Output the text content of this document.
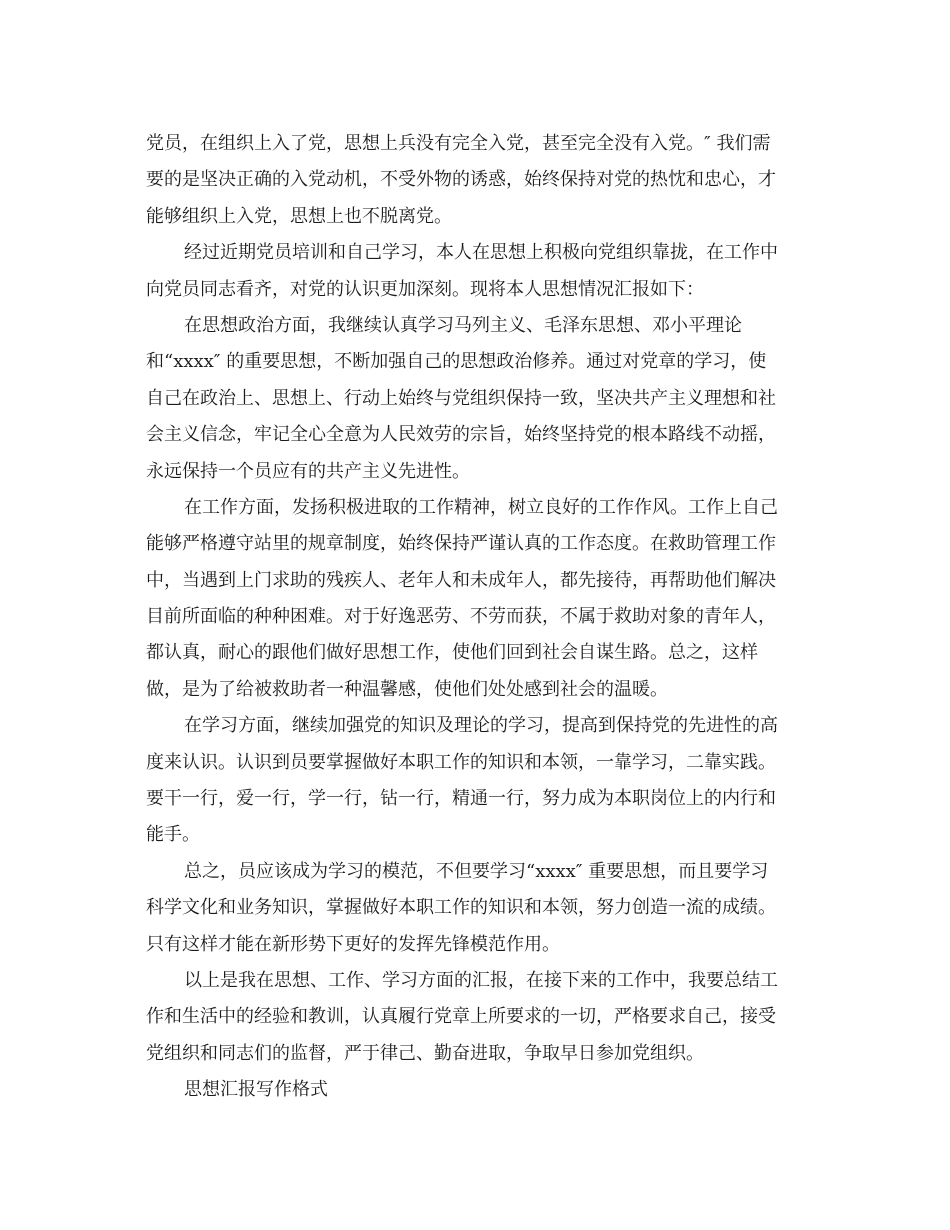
党员，在组织上入了党，思想上兵没有完全入党，甚至完全没有入党。″ 我们需
要的是坚决正确的入党动机，不受外物的诱惑，始终保持对党的热忱和忠心，才
能够组织上入党，思想上也不脱离党。
经过近期党员培训和自己学习，本人在思想上积极向党组织靠拢，在工作中
向党员同志看齐，对党的认识更加深刻。现将本人思想情况汇报如下：
在思想政治方面，我继续认真学习马列主义、毛泽东思想、邓小平理论
和“xxxx″ 的重要思想，不断加强自己的思想政治修养。通过对党章的学习，使
自己在政治上、思想上、行动上始终与党组织保持一致，坚决共产主义理想和社
会主义信念，牢记全心全意为人民效劳的宗旨，始终坚持党的根本路线不动摇，
永远保持一个员应有的共产主义先进性。
在工作方面，发扬积极进取的工作精神，树立良好的工作作风。工作上自己
能够严格遵守站里的规章制度，始终保持严谨认真的工作态度。在救助管理工作
中，当遇到上门求助的残疾人、老年人和未成年人，都先接待，再帮助他们解决
目前所面临的种种困难。对于好逸恶劳、不劳而获，不属于救助对象的青年人，
都认真，耐心的跟他们做好思想工作，使他们回到社会自谋生路。总之，这样
做，是为了给被救助者一种温馨感，使他们处处感到社会的温暖。
在学习方面，继续加强党的知识及理论的学习，提高到保持党的先进性的高
度来认识。认识到员要掌握做好本职工作的知识和本领，一靠学习，二靠实践。
要干一行，爱一行，学一行，钻一行，精通一行，努力成为本职岗位上的内行和
能手。
总之，员应该成为学习的模范，不但要学习“xxxx″ 重要思想，而且要学习
科学文化和业务知识，掌握做好本职工作的知识和本领，努力创造一流的成绩。
只有这样才能在新形势下更好的发挥先锋模范作用。
以上是我在思想、工作、学习方面的汇报，在接下来的工作中，我要总结工
作和生活中的经验和教训，认真履行党章上所要求的一切，严格要求自己，接受
党组织和同志们的监督，严于律己、勤奋进取，争取早日参加党组织。
思想汇报写作格式
